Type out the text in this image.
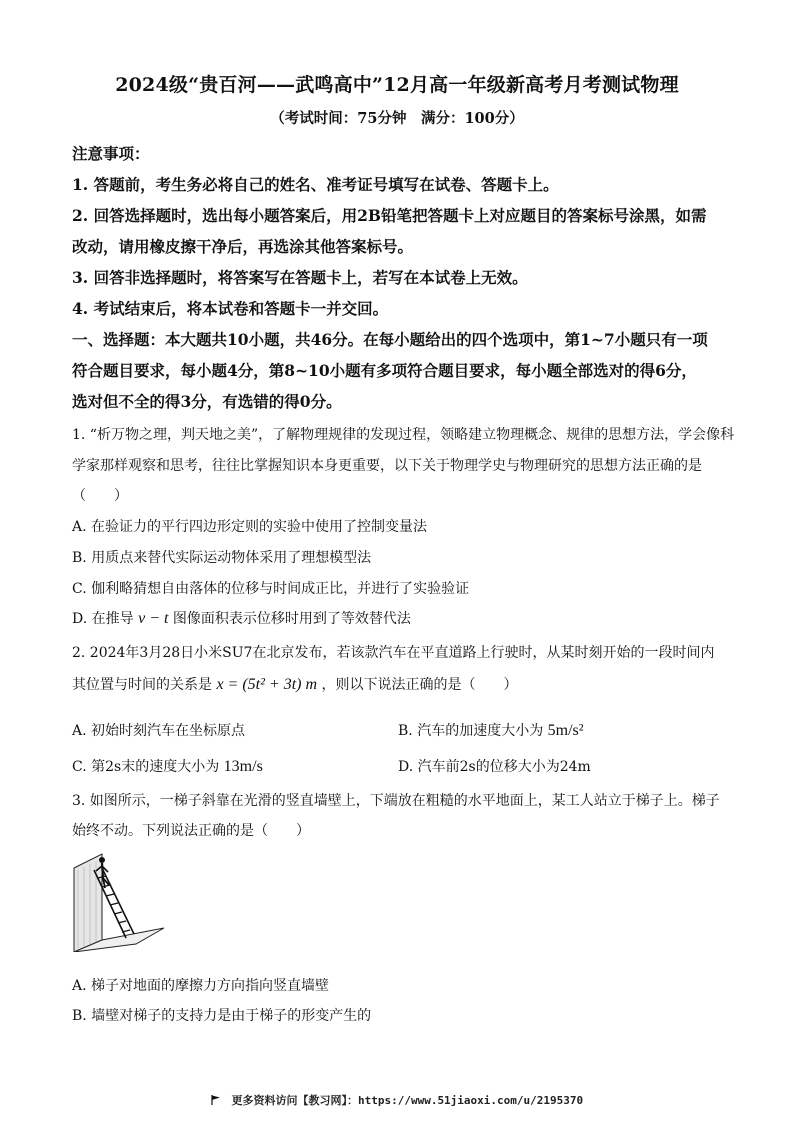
2024级“贵百河——武鸣高中”12月高一年级新高考月考测试物理
（考试时间：75分钟　满分：100分）
注意事项：
1. 答题前，考生务必将自己的姓名、准考证号填写在试卷、答题卡上。
2. 回答选择题时，选出每小题答案后，用2B铅笔把答题卡上对应题目的答案标号涂黑，如需
改动，请用橡皮擦干净后，再选涂其他答案标号。
3. 回答非选择题时，将答案写在答题卡上，若写在本试卷上无效。
4. 考试结束后，将本试卷和答题卡一并交回。
一、选择题：本大题共10小题，共46分。在每小题给出的四个选项中，第1~7小题只有一项
符合题目要求，每小题4分，第8~10小题有多项符合题目要求，每小题全部选对的得6分，
选对但不全的得3分，有选错的得0分。
1. “析万物之理，判天地之美”，了解物理规律的发现过程，领略建立物理概念、规律的思想方法，学会像科
学家那样观察和思考，往往比掌握知识本身更重要，以下关于物理学史与物理研究的思想方法正确的是
（　　）
A. 在验证力的平行四边形定则的实验中使用了控制变量法
B. 用质点来替代实际运动物体采用了理想模型法
C. 伽利略猜想自由落体的位移与时间成正比，并进行了实验验证
D. 在推导 v − t 图像面积表示位移时用到了等效替代法
2. 2024年3月28日小米SU7在北京发布，若该款汽车在平直道路上行驶时，从某时刻开始的一段时间内
其位置与时间的关系是 x = (5t² + 3t) m ，则以下说法正确的是（　　）
A. 初始时刻汽车在坐标原点	B. 汽车的加速度大小为 5m/s²
C. 第2s末的速度大小为 13m/s	D. 汽车前2s的位移大小为24m
3. 如图所示，一梯子斜靠在光滑的竖直墙壁上，下端放在粗糙的水平地面上，某工人站立于梯子上。梯子
始终不动。下列说法正确的是（　　）
A. 梯子对地面的摩擦力方向指向竖直墙壁
B. 墙壁对梯子的支持力是由于梯子的形变产生的
更多资料访问【教习网】：https://www.51jiaoxi.com/u/2195370
